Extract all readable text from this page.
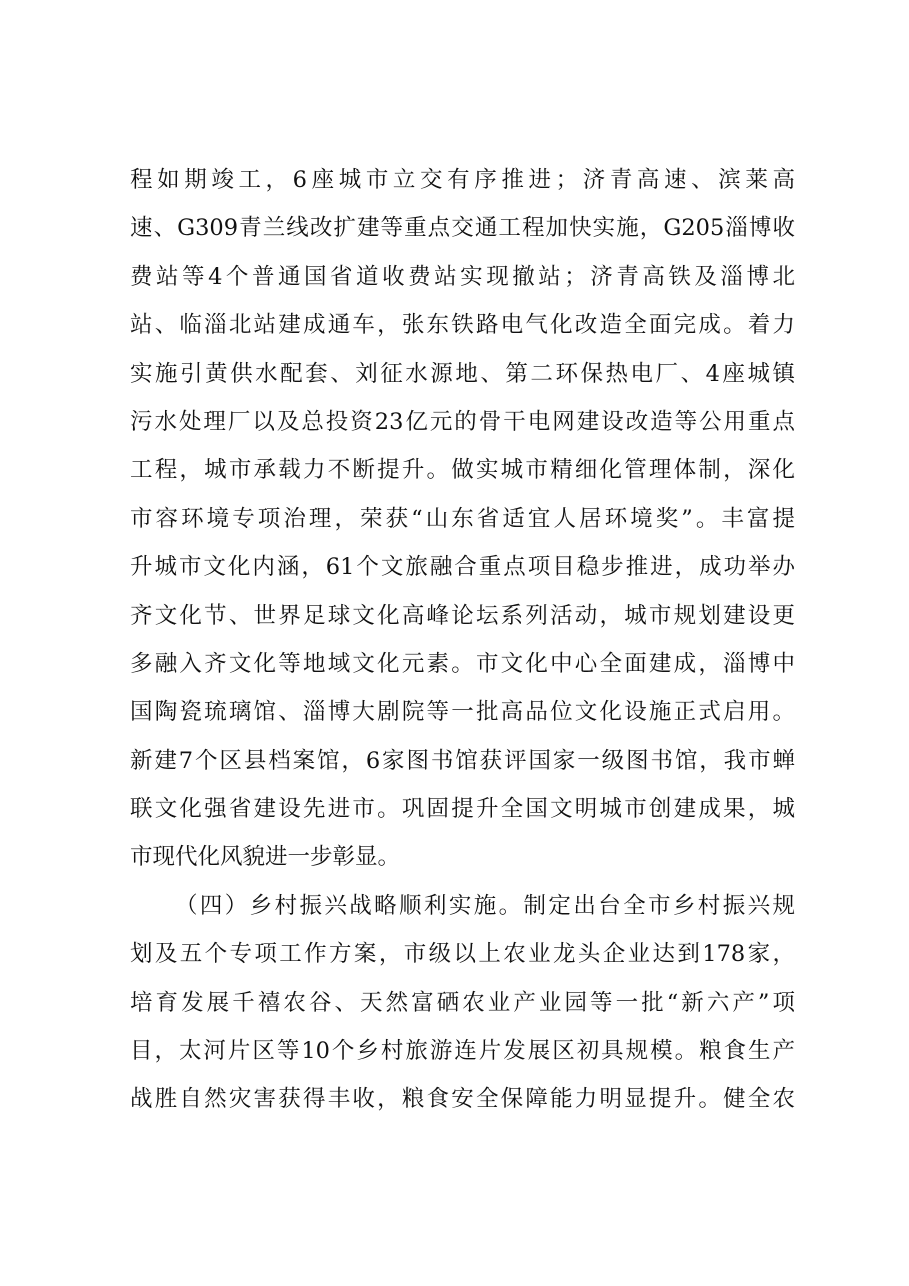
程如期竣工，6座城市立交有序推进；济青高速、滨莱高
速、G309青兰线改扩建等重点交通工程加快实施，G205淄博收
费站等4个普通国省道收费站实现撤站；济青高铁及淄博北
站、临淄北站建成通车，张东铁路电气化改造全面完成。着力
实施引黄供水配套、刘征水源地、第二环保热电厂、4座城镇
污水处理厂以及总投资23亿元的骨干电网建设改造等公用重点
工程，城市承载力不断提升。做实城市精细化管理体制，深化
市容环境专项治理，荣获“山东省适宜人居环境奖”。丰富提
升城市文化内涵，61个文旅融合重点项目稳步推进，成功举办
齐文化节、世界足球文化高峰论坛系列活动，城市规划建设更
多融入齐文化等地域文化元素。市文化中心全面建成，淄博中
国陶瓷琉璃馆、淄博大剧院等一批高品位文化设施正式启用。
新建7个区县档案馆，6家图书馆获评国家一级图书馆，我市蝉
联文化强省建设先进市。巩固提升全国文明城市创建成果，城
市现代化风貌进一步彰显。
（四）乡村振兴战略顺利实施。制定出台全市乡村振兴规
划及五个专项工作方案，市级以上农业龙头企业达到178家，
培育发展千禧农谷、天然富硒农业产业园等一批“新六产”项
目，太河片区等10个乡村旅游连片发展区初具规模。粮食生产
战胜自然灾害获得丰收，粮食安全保障能力明显提升。健全农
